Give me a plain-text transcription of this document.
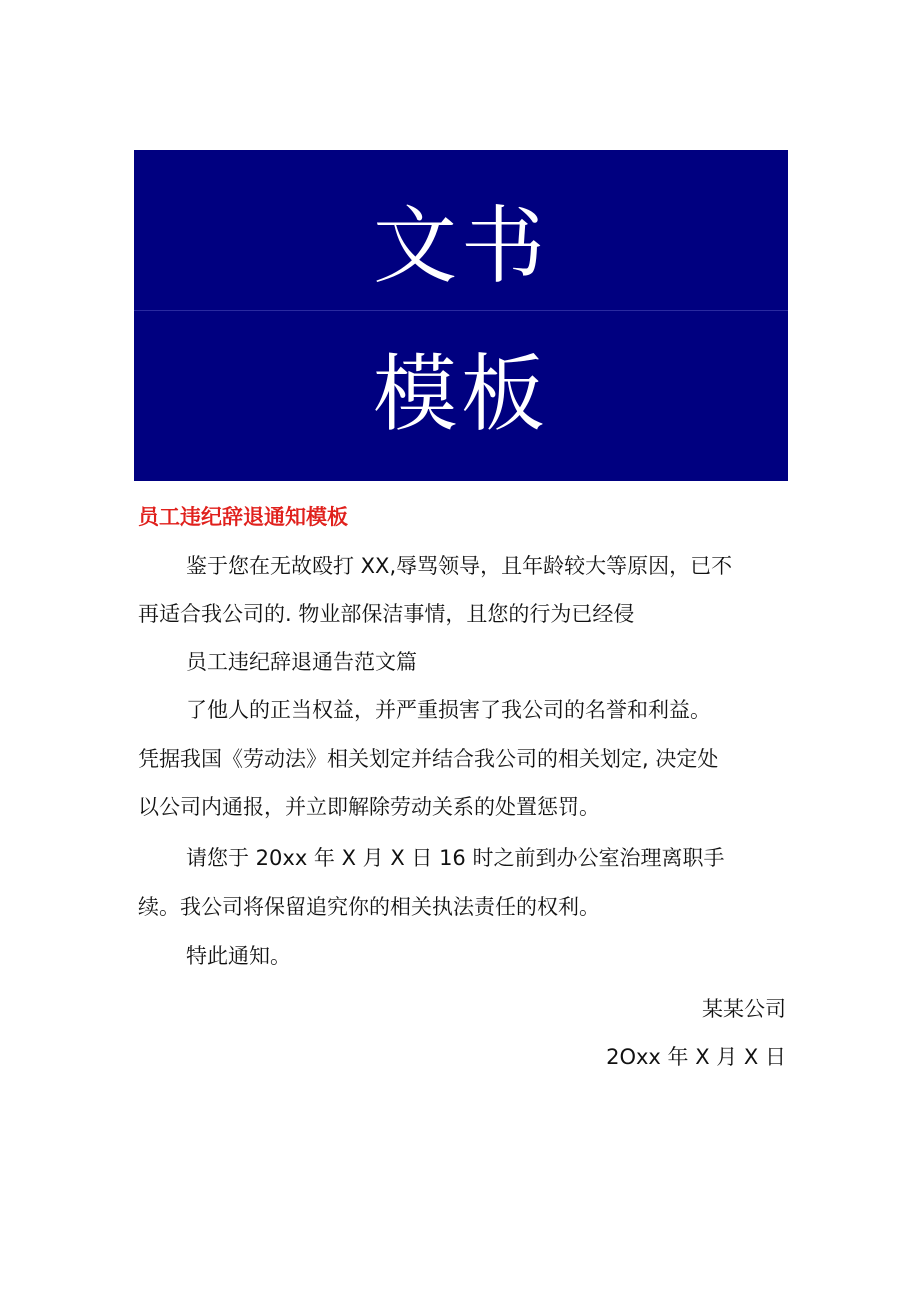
文书
模板
员工违纪辞退通知模板
鉴于您在无故殴打 XX,辱骂领导，且年龄较大等原因，已不
再适合我公司的. 物业部保洁事情，且您的行为已经侵
员工违纪辞退通告范文篇
了他人的正当权益，并严重损害了我公司的名誉和利益。
凭据我国《劳动法》相关划定并结合我公司的相关划定, 决定处
以公司内通报，并立即解除劳动关系的处置惩罚。
请您于 20xx 年 X 月 X 日 16 时之前到办公室治理离职手
续。我公司将保留追究你的相关执法责任的权利。
特此通知。
某某公司
2Oxx 年 X 月 X 日
